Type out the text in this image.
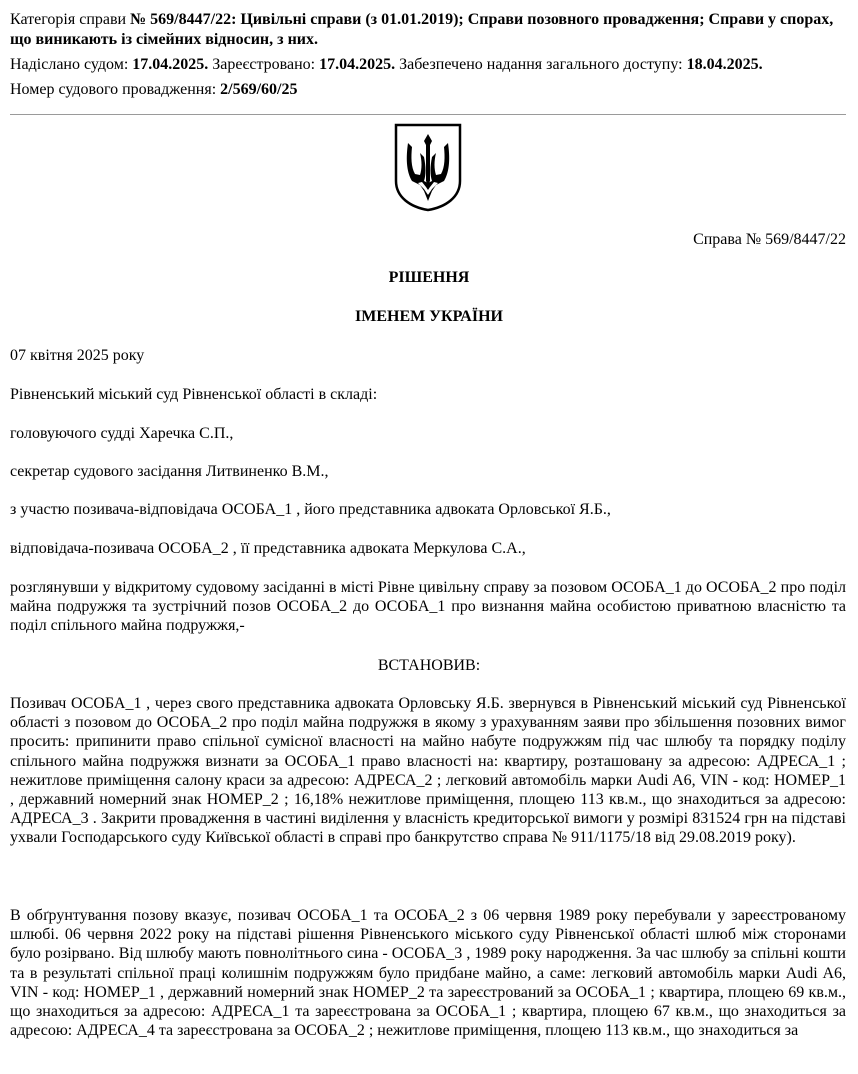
Категорія справи № 569/8447/22: Цивільні справи (з 01.01.2019); Справи позовного провадження; Справи у спорах, що виникають із сімейних відносин, з них.
Надіслано судом: 17.04.2025. Зареєстровано: 17.04.2025. Забезпечено надання загального доступу: 18.04.2025.
Номер судового провадження: 2/569/60/25
Справа № 569/8447/22
РІШЕННЯ
ІМЕНЕМ УКРАЇНИ
07 квітня 2025 року
Рівненський міський суд Рівненської області в складі:
головуючого судді Харечка С.П.,
секретар судового засідання Литвиненко В.М.,
з участю позивача-відповідача ОСОБА_1 , його представника адвоката Орловської Я.Б.,
відповідача-позивача ОСОБА_2 , її представника адвоката Меркулова С.А.,
розглянувши у відкритому судовому засіданні в місті Рівне цивільну справу за позовом ОСОБА_1 до ОСОБА_2 про поділ майна подружжя та зустрічний позов ОСОБА_2 до ОСОБА_1 про визнання майна особистою приватною власністю та поділ спільного майна подружжя,-
ВСТАНОВИВ:
Позивач ОСОБА_1 , через свого представника адвоката Орловську Я.Б. звернувся в Рівненський міський суд Рівненської області з позовом до ОСОБА_2 про поділ майна подружжя в якому з урахуванням заяви про збільшення позовних вимог просить: припинити право спільної сумісної власності на майно набуте подружжям під час шлюбу та порядку поділу спільного майна подружжя визнати за ОСОБА_1 право власності на: квартиру, розташовану за адресою: АДРЕСА_1 ; нежитлове приміщення салону краси за адресою: АДРЕСА_2 ; легковий автомобіль марки Audi A6, VIN - код: НОМЕР_1 , державний номерний знак НОМЕР_2 ; 16,18% нежитлове приміщення, площею 113 кв.м., що знаходиться за адресою: АДРЕСА_3 . Закрити провадження в частині виділення у власність кредиторської вимоги у розмірі 831524 грн на підставі ухвали Господарського суду Київської області в справі про банкрутство справа № 911/1175/18 від 29.08.2019 року).
В обґрунтування позову вказує, позивач ОСОБА_1 та ОСОБА_2 з 06 червня 1989 року перебували у зареєстрованому шлюбі. 06 червня 2022 року на підставі рішення Рівненського міського суду Рівненської області шлюб між сторонами було розірвано. Від шлюбу мають повнолітнього сина - ОСОБА_3 , 1989 року народження. За час шлюбу за спільні кошти та в результаті спільної праці колишнім подружжям було придбане майно, а саме: легковий автомобіль марки Audi A6, VIN - код: НОМЕР_1 , державний номерний знак НОМЕР_2 та зареєстрований за ОСОБА_1 ; квартира, площею 69 кв.м., що знаходиться за адресою: АДРЕСА_1 та зареєстрована за ОСОБА_1 ; квартира, площею 67 кв.м., що знаходиться за адресою: АДРЕСА_4 та зареєстрована за ОСОБА_2 ; нежитлове приміщення, площею 113 кв.м., що знаходиться за
